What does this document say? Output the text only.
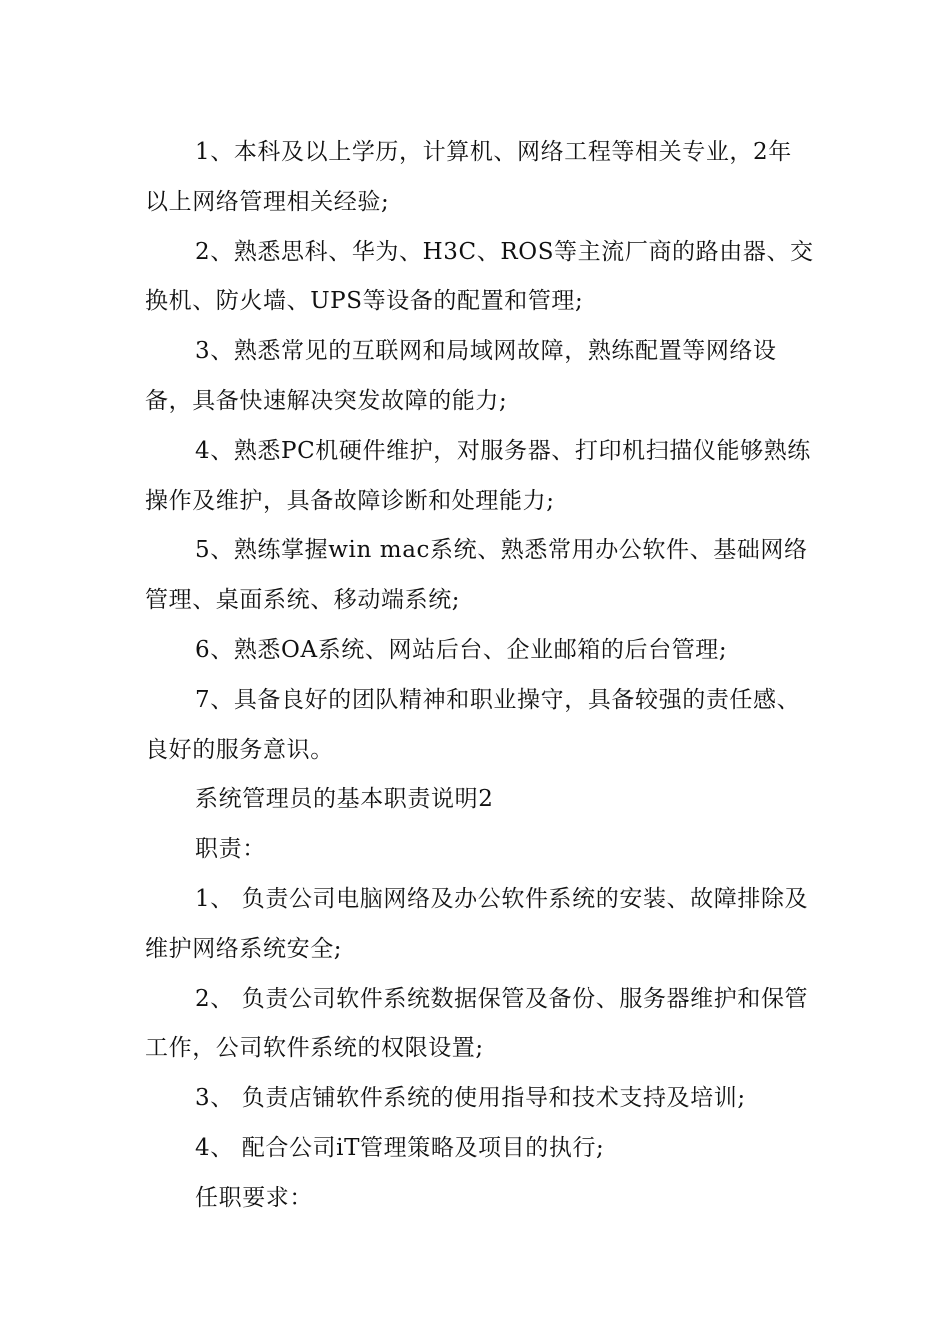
1、本科及以上学历，计算机、网络工程等相关专业，2年以上网络管理相关经验;

2、熟悉思科、华为、H3C、ROS等主流厂商的路由器、交换机、防火墙、UPS等设备的配置和管理;

3、熟悉常见的互联网和局域网故障，熟练配置等网络设备，具备快速解决突发故障的能力;

4、熟悉PC机硬件维护，对服务器、打印机扫描仪能够熟练操作及维护，具备故障诊断和处理能力;

5、熟练掌握win mac系统、熟悉常用办公软件、基础网络管理、桌面系统、移动端系统;

6、熟悉OA系统、网站后台、企业邮箱的后台管理;

7、具备良好的团队精神和职业操守，具备较强的责任感、良好的服务意识。

系统管理员的基本职责说明2

职责：

1、 负责公司电脑网络及办公软件系统的安装、故障排除及维护网络系统安全;

2、 负责公司软件系统数据保管及备份、服务器维护和保管工作，公司软件系统的权限设置;

3、 负责店铺软件系统的使用指导和技术支持及培训;

4、 配合公司iT管理策略及项目的执行;

任职要求：
